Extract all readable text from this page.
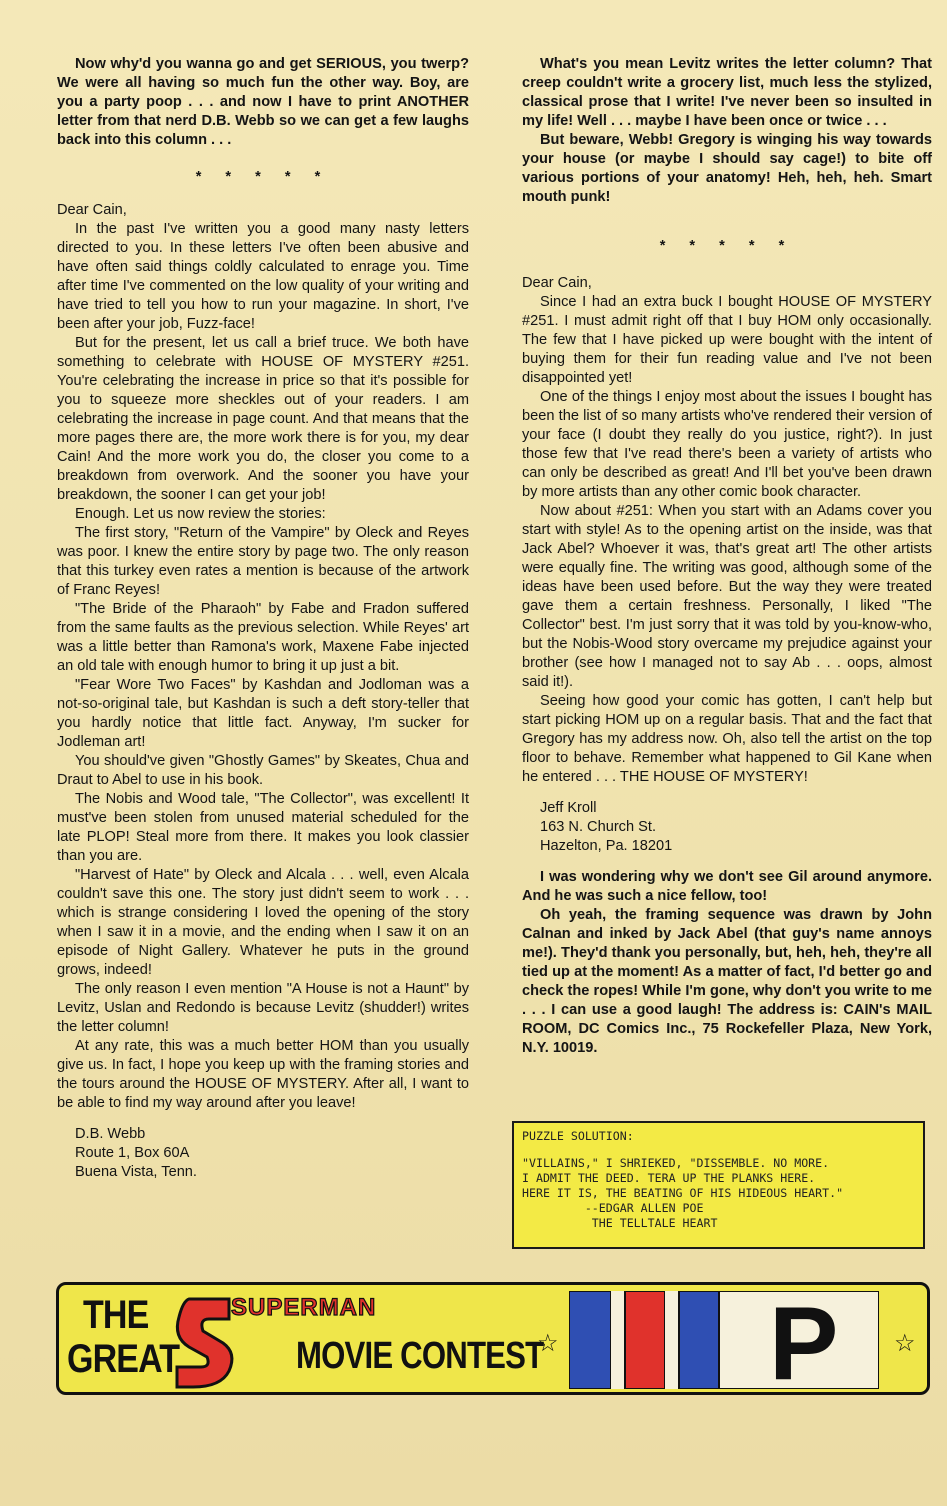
Now why'd you wanna go and get SERIOUS, you twerp? We were all having so much fun the other way. Boy, are you a party poop . . . and now I have to print ANOTHER letter from that nerd D.B. Webb so we can get a few laughs back into this column . . .

* * * * *

Dear Cain,

In the past I've written you a good many nasty letters directed to you. In these letters I've often been abusive and have often said things coldly calculated to enrage you. Time after time I've commented on the low quality of your writing and have tried to tell you how to run your magazine. In short, I've been after your job, Fuzz-face!

But for the present, let us call a brief truce. We both have something to celebrate with HOUSE OF MYSTERY #251. You're celebrating the increase in price so that it's possible for you to squeeze more sheckles out of your readers. I am celebrating the increase in page count. And that means that the more pages there are, the more work there is for you, my dear Cain! And the more work you do, the closer you come to a breakdown from overwork. And the sooner you have your breakdown, the sooner I can get your job!

Enough. Let us now review the stories:

The first story, "Return of the Vampire" by Oleck and Reyes was poor. I knew the entire story by page two. The only reason that this turkey even rates a mention is because of the artwork of Franc Reyes!

"The Bride of the Pharaoh" by Fabe and Fradon suffered from the same faults as the previous selection. While Reyes' art was a little better than Ramona's work, Maxene Fabe injected an old tale with enough humor to bring it up just a bit.

"Fear Wore Two Faces" by Kashdan and Jodloman was a not-so-original tale, but Kashdan is such a deft story-teller that you hardly notice that little fact. Anyway, I'm sucker for Jodleman art!

You should've given "Ghostly Games" by Skeates, Chua and Draut to Abel to use in his book.

The Nobis and Wood tale, "The Collector", was excellent! It must've been stolen from unused material scheduled for the late PLOP! Steal more from there. It makes you look classier than you are.

"Harvest of Hate" by Oleck and Alcala . . . well, even Alcala couldn't save this one. The story just didn't seem to work . . . which is strange considering I loved the opening of the story when I saw it in a movie, and the ending when I saw it on an episode of Night Gallery. Whatever he puts in the ground grows, indeed!

The only reason I even mention "A House is not a Haunt" by Levitz, Uslan and Redondo is because Levitz (shudder!) writes the letter column!

At any rate, this was a much better HOM than you usually give us. In fact, I hope you keep up with the framing stories and the tours around the HOUSE OF MYSTERY. After all, I want to be able to find my way around after you leave!

D.B. Webb

Route 1, Box 60A

Buena Vista, Tenn.

What's you mean Levitz writes the letter column? That creep couldn't write a grocery list, much less the stylized, classical prose that I write! I've never been so insulted in my life! Well . . . maybe I have been once or twice . . .

But beware, Webb! Gregory is winging his way towards your house (or maybe I should say cage!) to bite off various portions of your anatomy! Heh, heh, heh. Smart mouth punk!

* * * * *

Dear Cain,

Since I had an extra buck I bought HOUSE OF MYSTERY #251. I must admit right off that I buy HOM only occasionally. The few that I have picked up were bought with the intent of buying them for their fun reading value and I've not been disappointed yet!

One of the things I enjoy most about the issues I bought has been the list of so many artists who've rendered their version of your face (I doubt they really do you justice, right?). In just those few that I've read there's been a variety of artists who can only be described as great! And I'll bet you've been drawn by more artists than any other comic book character.

Now about #251: When you start with an Adams cover you start with style! As to the opening artist on the inside, was that Jack Abel? Whoever it was, that's great art! The other artists were equally fine. The writing was good, although some of the ideas have been used before. But the way they were treated gave them a certain freshness. Personally, I liked "The Collector" best. I'm just sorry that it was told by you-know-who, but the Nobis-Wood story overcame my prejudice against your brother (see how I managed not to say Ab . . . oops, almost said it!).

Seeing how good your comic has gotten, I can't help but start picking HOM up on a regular basis. That and the fact that Gregory has my address now. Oh, also tell the artist on the top floor to behave. Remember what happened to Gil Kane when he entered . . . THE HOUSE OF MYSTERY!

Jeff Kroll

163 N. Church St.

Hazelton, Pa. 18201

I was wondering why we don't see Gil around anymore. And he was such a nice fellow, too!

Oh yeah, the framing sequence was drawn by John Calnan and inked by Jack Abel (that guy's name annoys me!). They'd thank you personally, but, heh, heh, they're all tied up at the moment! As a matter of fact, I'd better go and check the ropes! While I'm gone, why don't you write to me . . . I can use a good laugh! The address is: CAIN's MAIL ROOM, DC Comics Inc., 75 Rockefeller Plaza, New York, N.Y. 10019.

PUZZLE SOLUTION:
"VILLAINS," I SHRIEKED, "DISSEMBLE. NO MORE.
I ADMIT THE DEED. TERA UP THE PLANKS HERE.
HERE IT IS, THE BEATING OF HIS HIDEOUS HEART."
--EDGAR ALLEN POE
THE TELLTALE HEART
THE
GREAT
SUPERMAN
MOVIE CONTEST
☆ P ☆
